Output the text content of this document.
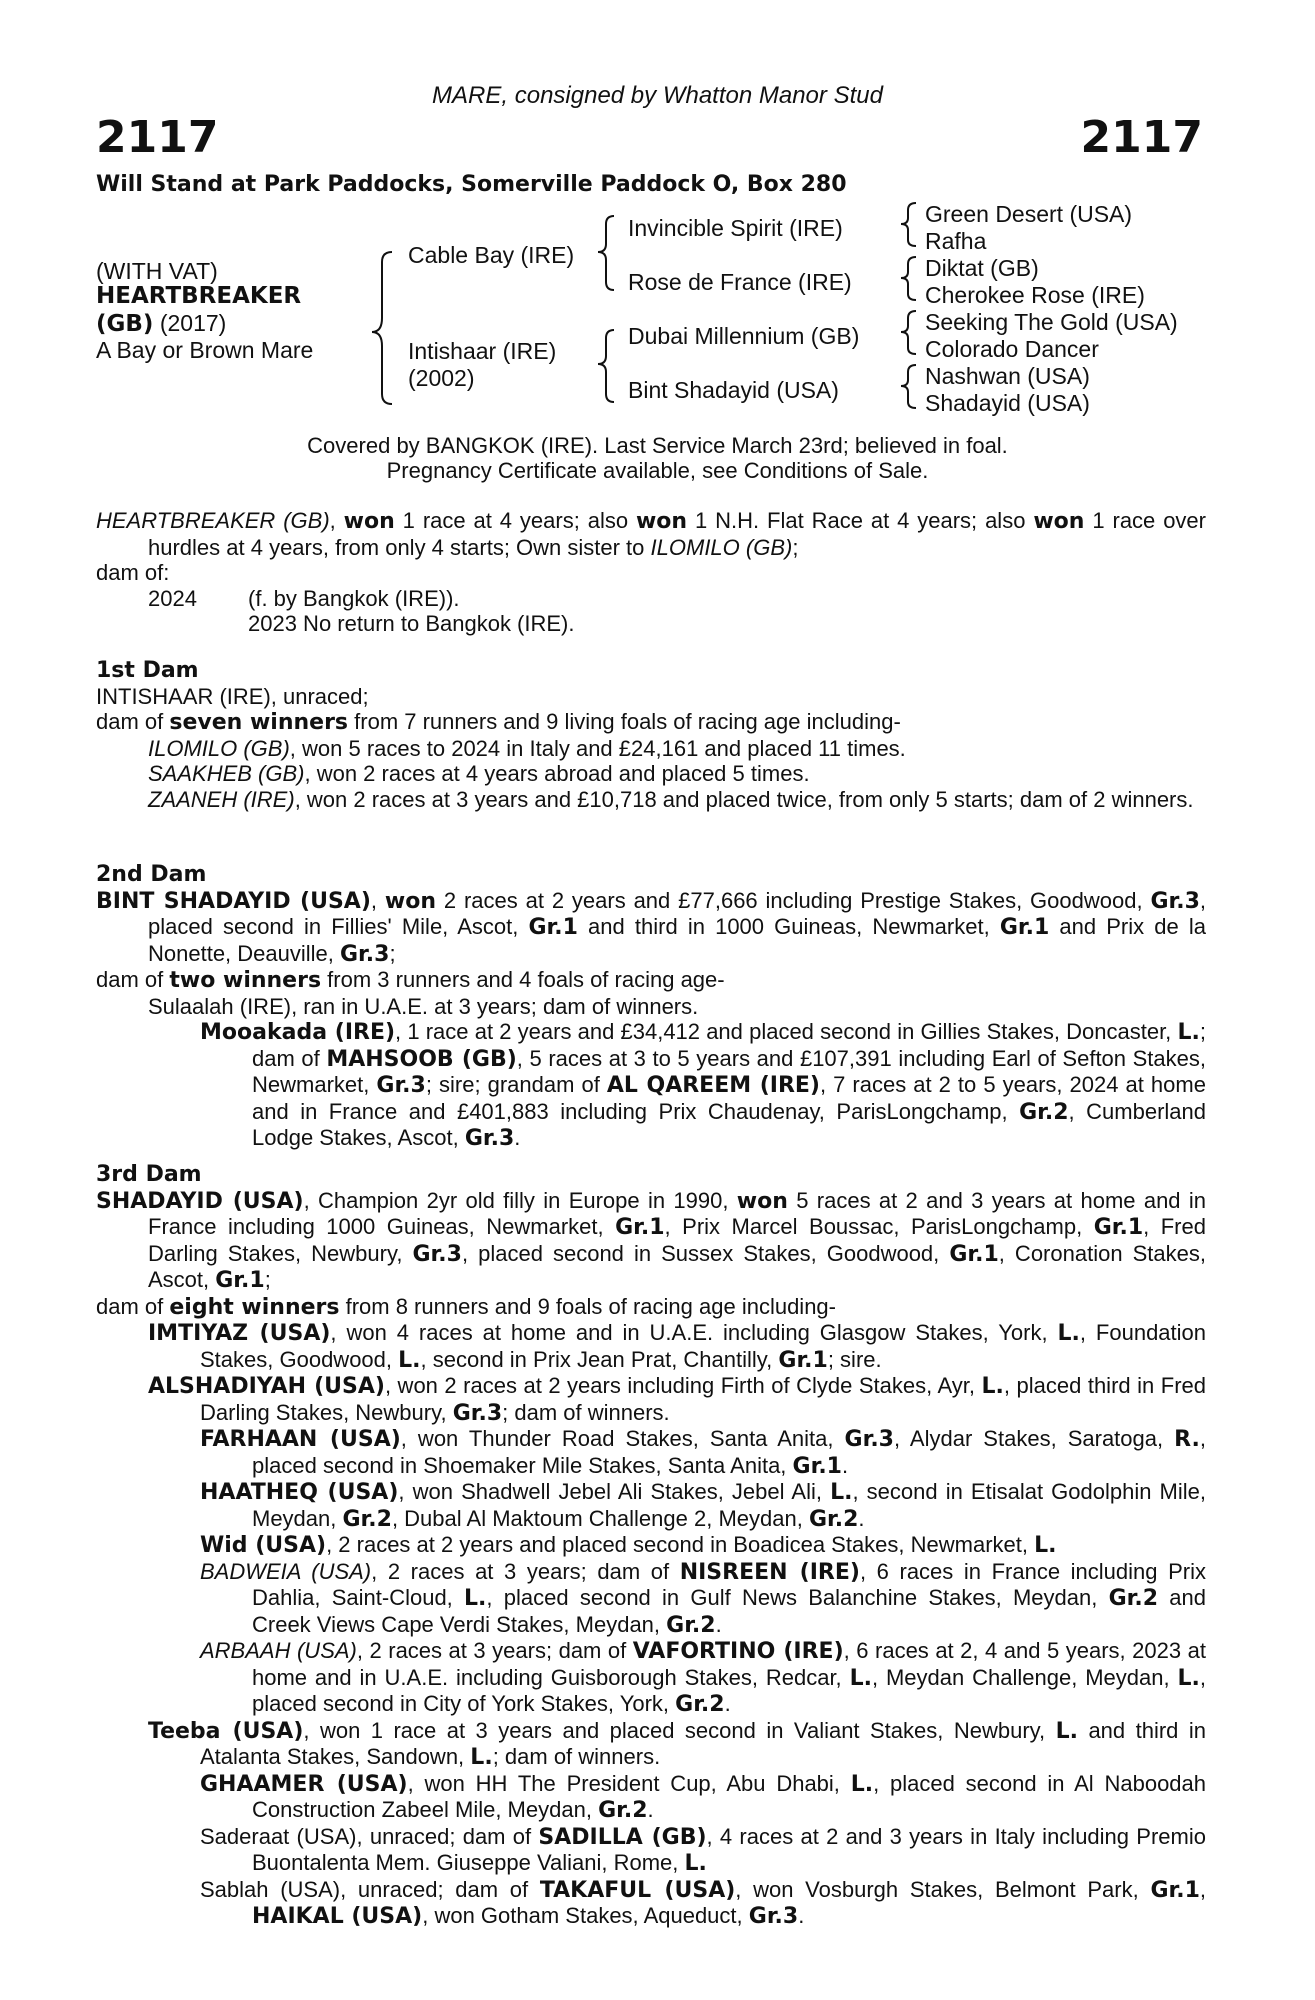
MARE, consigned by Whatton Manor Stud
2117	2117
Will Stand at Park Paddocks, Somerville Paddock O, Box 280
(WITH VAT)
HEARTBREAKER
(GB) (2017)
A Bay or Brown Mare
Cable Bay (IRE)
Intishaar (IRE)
(2002)
Invincible Spirit (IRE)
Rose de France (IRE)
Dubai Millennium (GB)
Bint Shadayid (USA)
Green Desert (USA)
Rafha
Diktat (GB)
Cherokee Rose (IRE)
Seeking The Gold (USA)
Colorado Dancer
Nashwan (USA)
Shadayid (USA)
Covered by BANGKOK (IRE). Last Service March 23rd; believed in foal.
Pregnancy Certificate available, see Conditions of Sale.

HEARTBREAKER (GB), won 1 race at 4 years; also won 1 N.H. Flat Race at 4 years; also won 1 race over hurdles at 4 years, from only 4 starts; Own sister to ILOMILO (GB);

dam of:

2024 (f. by Bangkok (IRE)).

2023 No return to Bangkok (IRE).

1st Dam

INTISHAAR (IRE), unraced;

dam of seven winners from 7 runners and 9 living foals of racing age including-

ILOMILO (GB), won 5 races to 2024 in Italy and £24,161 and placed 11 times.

SAAKHEB (GB), won 2 races at 4 years abroad and placed 5 times.

ZAANEH (IRE), won 2 races at 3 years and £10,718 and placed twice, from only 5 starts; dam of 2 winners.

2nd Dam

BINT SHADAYID (USA), won 2 races at 2 years and £77,666 including Prestige Stakes, Goodwood, Gr.3, placed second in Fillies' Mile, Ascot, Gr.1 and third in 1000 Guineas, Newmarket, Gr.1 and Prix de la Nonette, Deauville, Gr.3;

dam of two winners from 3 runners and 4 foals of racing age-

Sulaalah (IRE), ran in U.A.E. at 3 years; dam of winners.

Mooakada (IRE), 1 race at 2 years and £34,412 and placed second in Gillies Stakes, Doncaster, L.; dam of MAHSOOB (GB), 5 races at 3 to 5 years and £107,391 including Earl of Sefton Stakes, Newmarket, Gr.3; sire; grandam of AL QAREEM (IRE), 7 races at 2 to 5 years, 2024 at home and in France and £401,883 including Prix Chaudenay, ParisLongchamp, Gr.2, Cumberland Lodge Stakes, Ascot, Gr.3.

3rd Dam

SHADAYID (USA), Champion 2yr old filly in Europe in 1990, won 5 races at 2 and 3 years at home and in France including 1000 Guineas, Newmarket, Gr.1, Prix Marcel Boussac, ParisLongchamp, Gr.1, Fred Darling Stakes, Newbury, Gr.3, placed second in Sussex Stakes, Goodwood, Gr.1, Coronation Stakes, Ascot, Gr.1;

dam of eight winners from 8 runners and 9 foals of racing age including-

IMTIYAZ (USA), won 4 races at home and in U.A.E. including Glasgow Stakes, York, L., Foundation Stakes, Goodwood, L., second in Prix Jean Prat, Chantilly, Gr.1; sire.

ALSHADIYAH (USA), won 2 races at 2 years including Firth of Clyde Stakes, Ayr, L., placed third in Fred Darling Stakes, Newbury, Gr.3; dam of winners.

FARHAAN (USA), won Thunder Road Stakes, Santa Anita, Gr.3, Alydar Stakes, Saratoga, R., placed second in Shoemaker Mile Stakes, Santa Anita, Gr.1.

HAATHEQ (USA), won Shadwell Jebel Ali Stakes, Jebel Ali, L., second in Etisalat Godolphin Mile, Meydan, Gr.2, Dubal Al Maktoum Challenge 2, Meydan, Gr.2.

Wid (USA), 2 races at 2 years and placed second in Boadicea Stakes, Newmarket, L.

BADWEIA (USA), 2 races at 3 years; dam of NISREEN (IRE), 6 races in France including Prix Dahlia, Saint-Cloud, L., placed second in Gulf News Balanchine Stakes, Meydan, Gr.2 and Creek Views Cape Verdi Stakes, Meydan, Gr.2.

ARBAAH (USA), 2 races at 3 years; dam of VAFORTINO (IRE), 6 races at 2, 4 and 5 years, 2023 at home and in U.A.E. including Guisborough Stakes, Redcar, L., Meydan Challenge, Meydan, L., placed second in City of York Stakes, York, Gr.2.

Teeba (USA), won 1 race at 3 years and placed second in Valiant Stakes, Newbury, L. and third in Atalanta Stakes, Sandown, L.; dam of winners.

GHAAMER (USA), won HH The President Cup, Abu Dhabi, L., placed second in Al Naboodah Construction Zabeel Mile, Meydan, Gr.2.

Saderaat (USA), unraced; dam of SADILLA (GB), 4 races at 2 and 3 years in Italy including Premio Buontalenta Mem. Giuseppe Valiani, Rome, L.

Sablah (USA), unraced; dam of TAKAFUL (USA), won Vosburgh Stakes, Belmont Park, Gr.1, HAIKAL (USA), won Gotham Stakes, Aqueduct, Gr.3.
